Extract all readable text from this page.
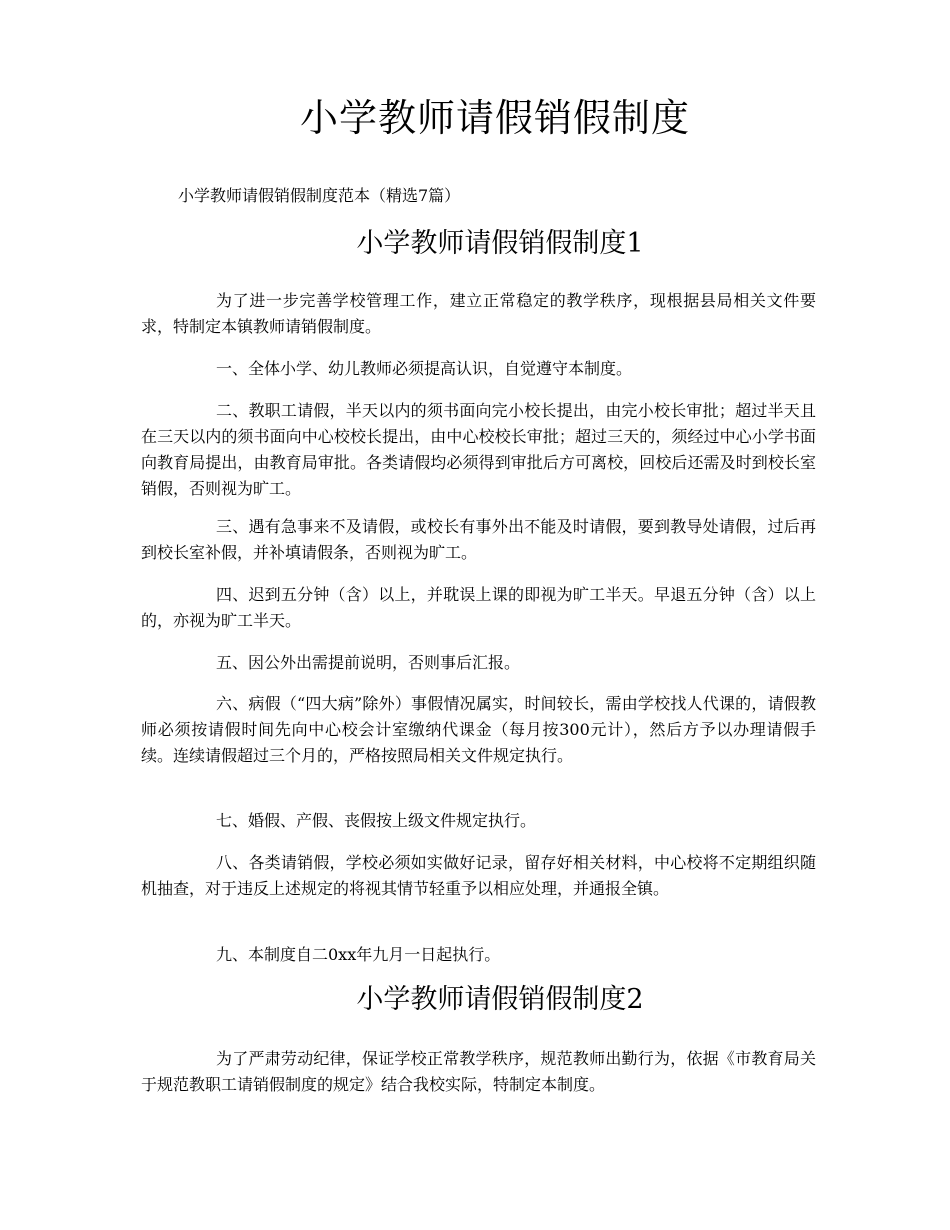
小学教师请假销假制度

小学教师请假销假制度范本（精选7篇）

小学教师请假销假制度1

为了进一步完善学校管理工作，建立正常稳定的教学秩序，现根据县局相关文件要求，特制定本镇教师请销假制度。

一、全体小学、幼儿教师必须提高认识，自觉遵守本制度。

二、教职工请假，半天以内的须书面向完小校长提出，由完小校长审批；超过半天且在三天以内的须书面向中心校校长提出，由中心校校长审批；超过三天的，须经过中心小学书面向教育局提出，由教育局审批。各类请假均必须得到审批后方可离校，回校后还需及时到校长室销假，否则视为旷工。

三、遇有急事来不及请假，或校长有事外出不能及时请假，要到教导处请假，过后再到校长室补假，并补填请假条，否则视为旷工。

四、迟到五分钟（含）以上，并耽误上课的即视为旷工半天。早退五分钟（含）以上的，亦视为旷工半天。

五、因公外出需提前说明，否则事后汇报。

六、病假（“四大病”除外）事假情况属实，时间较长，需由学校找人代课的，请假教师必须按请假时间先向中心校会计室缴纳代课金（每月按300元计），然后方予以办理请假手续。连续请假超过三个月的，严格按照局相关文件规定执行。

七、婚假、产假、丧假按上级文件规定执行。

八、各类请销假，学校必须如实做好记录，留存好相关材料，中心校将不定期组织随机抽查，对于违反上述规定的将视其情节轻重予以相应处理，并通报全镇。

九、本制度自二0xx年九月一日起执行。

小学教师请假销假制度2

为了严肃劳动纪律，保证学校正常教学秩序，规范教师出勤行为，依据《市教育局关于规范教职工请销假制度的规定》结合我校实际，特制定本制度。
